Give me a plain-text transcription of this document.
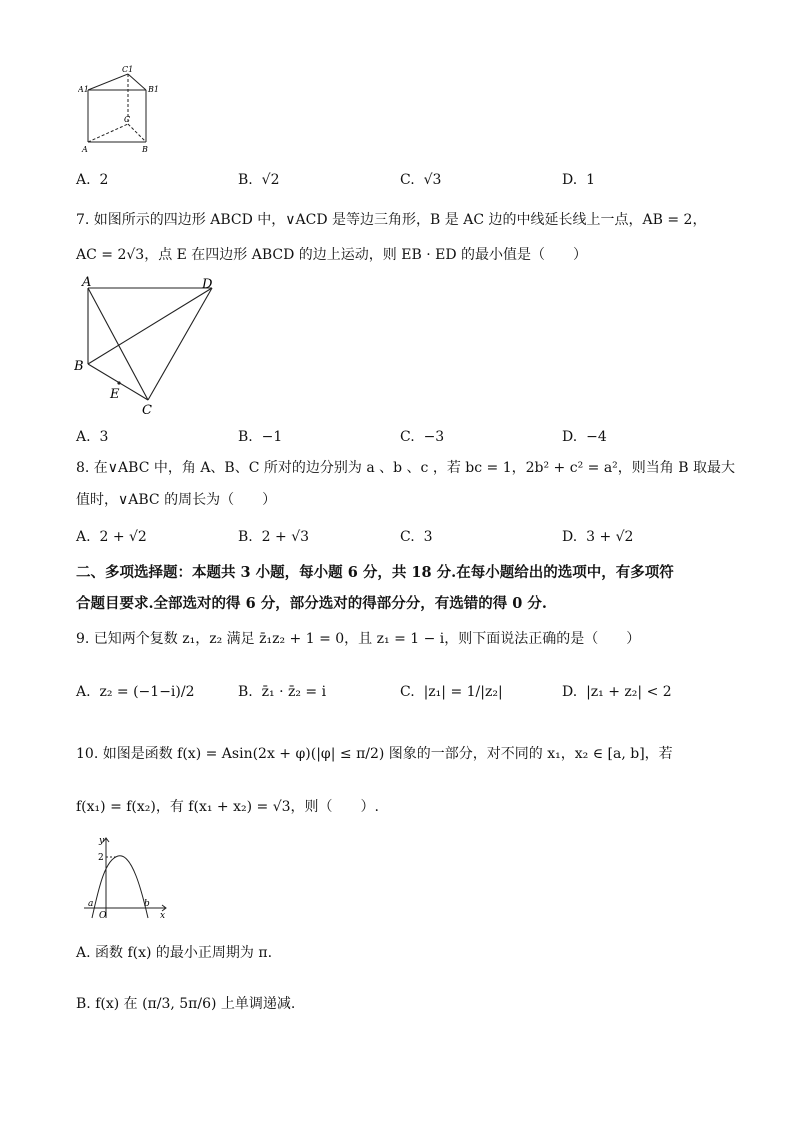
C1
A1	B1
C
A	B
A. 2	B. √2	C. √3	D. 1
7. 如图所示的四边形 ABCD 中，∨ACD 是等边三角形，B 是 AC 边的中线延长线上一点，AB = 2，
AC = 2√3，点 E 在四边形 ABCD 的边上运动，则 EB · ED 的最小值是（　　）
A	D
B
E
C
A. 3	B. −1	C. −3	D. −4
8. 在∨ABC 中，角 A、B、C 所对的边分别为 a 、b 、c ，若 bc = 1，2b² + c² = a²，则当角 B 取最大
值时，∨ABC 的周长为（　　）
A. 2 + √2	B. 2 + √3	C. 3	D. 3 + √2
二、多项选择题：本题共 3 小题，每小题 6 分，共 18 分.在每小题给出的选项中，有多项符
合题目要求.全部选对的得 6 分，部分选对的得部分分，有选错的得 0 分.
9. 已知两个复数 z₁，z₂ 满足 z̄₁z₂ + 1 = 0，且 z₁ = 1 − i，则下面说法正确的是（　　）
A. z₂ = (−1−i)/2	B. z̄₁ · z̄₂ = i	C. |z₁| = 1/|z₂|	D. |z₁ + z₂| < 2
10. 如图是函数 f(x) = Asin(2x + φ)(|φ| ≤ π/2) 图象的一部分，对不同的 x₁，x₂ ∈ [a, b]，若
f(x₁) = f(x₂)，有 f(x₁ + x₂) = √3，则（　　）.
y
2
a
O
b
x
A. 函数 f(x) 的最小正周期为 π.
B. f(x) 在 (π/3, 5π/6) 上单调递减.
